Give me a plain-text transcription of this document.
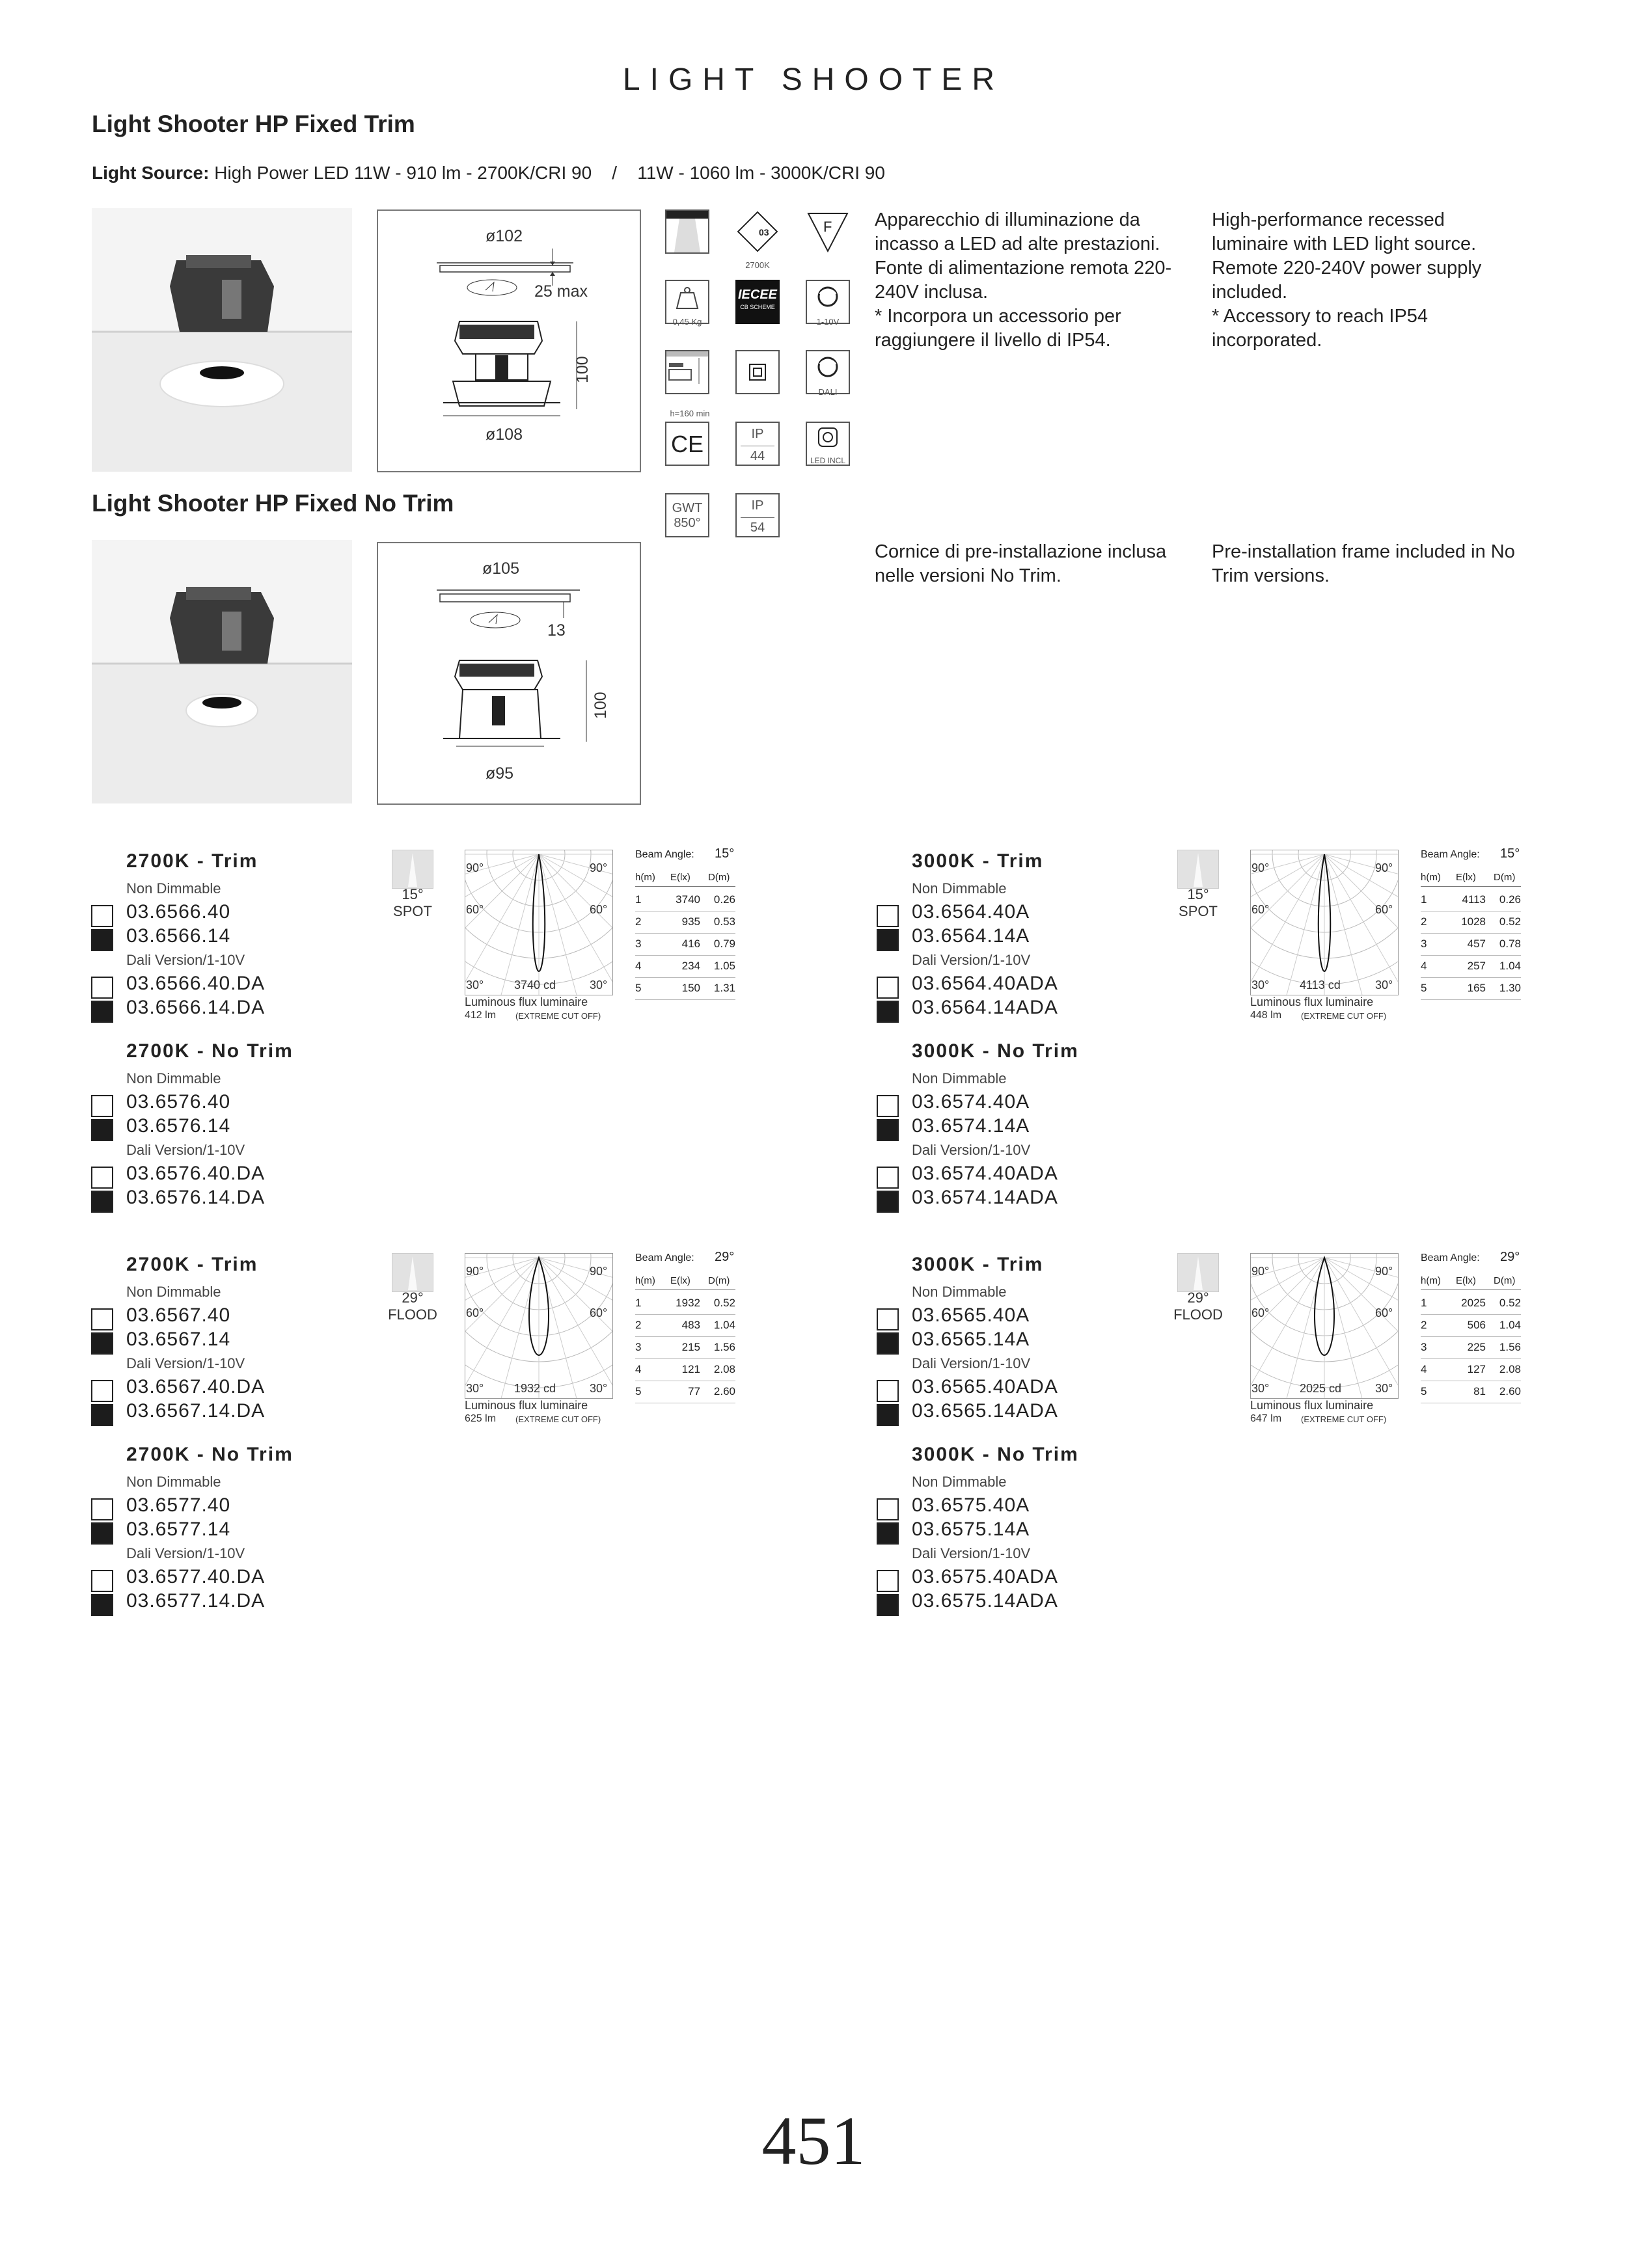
LIGHT SHOOTER
Light Shooter HP Fixed Trim
Light Source: High Power LED 11W - 910 lm - 2700K/CRI 90    /    11W - 1060 lm - 3000K/CRI 90
ø102
25 max
100
ø108
03
2700K
F
0,45 Kg
IECEE
CB SCHEME
1-10V
h=160 min
DALI
CE	IP
44	LED INCL
GWT
850°
IP
54
Apparecchio di illuminazione da
incasso a LED ad alte prestazioni.
Fonte di alimentazione remota 220-
240V inclusa.
* Incorpora un accessorio per
raggiungere il livello di IP54.
High-performance recessed
luminaire with LED light source.
Remote 220-240V power supply
included.
* Accessory to reach IP54
incorporated.
Cornice di pre-installazione inclusa
nelle versioni No Trim.
Pre-installation frame included in No
Trim versions.
Light Shooter HP Fixed No Trim
ø105
13
100
ø95
2700K - Trim
Non Dimmable
Dali Version/1-10V
03.6566.40
03.6566.14
03.6566.40.DA
03.6566.14.DA
2700K - No Trim
Non Dimmable
Dali Version/1-10V
03.6576.40
03.6576.14
03.6576.40.DA
03.6576.14.DA
15°
SPOT
90°	90°
60°	60°
30°	30°
3740 cd
Luminous flux luminaire
412 lm (EXTREME CUT OFF)
Beam Angle: 15°
h(m) E(lx) D(m)
1	3740	0.26
2	935	0.53
3	416	0.79
4	234	1.05
5	150	1.31
3000K - Trim
Non Dimmable
Dali Version/1-10V
03.6564.40A
03.6564.14A
03.6564.40ADA
03.6564.14ADA
3000K - No Trim
Non Dimmable
Dali Version/1-10V
03.6574.40A
03.6574.14A
03.6574.40ADA
03.6574.14ADA
15°
SPOT
90°	90°
60°	60°
30°	30°
4113 cd
Luminous flux luminaire
448 lm (EXTREME CUT OFF)
Beam Angle: 15°
h(m) E(lx) D(m)
1	4113	0.26
2	1028	0.52
3	457	0.78
4	257	1.04
5	165	1.30
2700K - Trim
Non Dimmable
Dali Version/1-10V
03.6567.40
03.6567.14
03.6567.40.DA
03.6567.14.DA
2700K - No Trim
Non Dimmable
Dali Version/1-10V
03.6577.40
03.6577.14
03.6577.40.DA
03.6577.14.DA
29°
FLOOD
90°	90°
60°	60°
30°	30°
1932 cd
Luminous flux luminaire
625 lm (EXTREME CUT OFF)
Beam Angle: 29°
h(m) E(lx) D(m)
1	1932	0.52
2	483	1.04
3	215	1.56
4	121	2.08
5	77	2.60
3000K - Trim
Non Dimmable
Dali Version/1-10V
03.6565.40A
03.6565.14A
03.6565.40ADA
03.6565.14ADA
3000K - No Trim
Non Dimmable
Dali Version/1-10V
03.6575.40A
03.6575.14A
03.6575.40ADA
03.6575.14ADA
29°
FLOOD
90°	90°
60°	60°
30°	30°
2025 cd
Luminous flux luminaire
647 lm (EXTREME CUT OFF)
Beam Angle: 29°
h(m) E(lx) D(m)
1	2025	0.52
2	506	1.04
3	225	1.56
4	127	2.08
5	81	2.60
451
